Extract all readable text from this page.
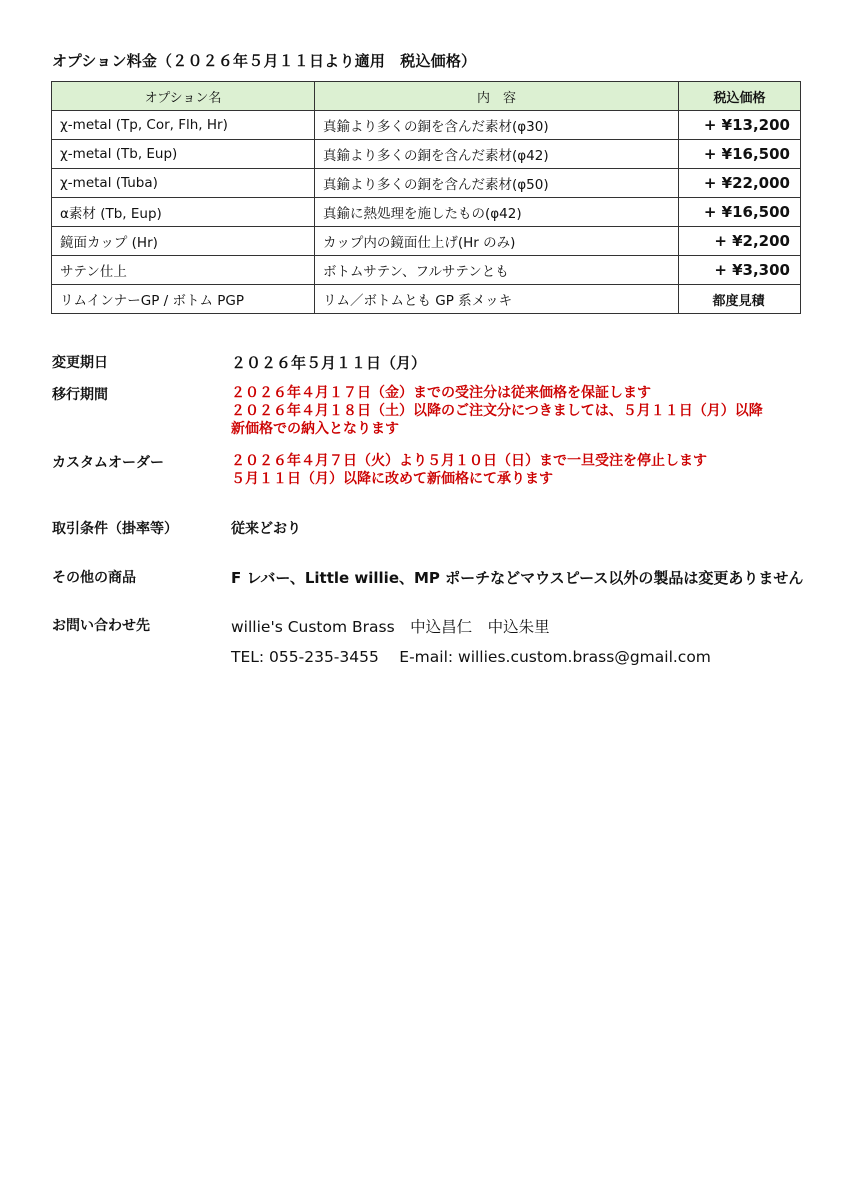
オプション料金（２０２６年５月１１日より適用　税込価格）
オプション名	内　容	税込価格
χ-metal (Tp, Cor, Flh, Hr)	真鍮より多くの銅を含んだ素材(φ30)	+ ¥13,200
χ-metal (Tb, Eup)	真鍮より多くの銅を含んだ素材(φ42)	+ ¥16,500
χ-metal (Tuba)	真鍮より多くの銅を含んだ素材(φ50)	+ ¥22,000
α素材 (Tb, Eup)	真鍮に熱処理を施したもの(φ42)	+ ¥16,500
鏡面カップ (Hr)	カップ内の鏡面仕上げ(Hr のみ)	+ ¥2,200
サテン仕上	ボトムサテン、フルサテンとも	+ ¥3,300
リムインナーGP / ボトム PGP	リム／ボトムとも GP 系メッキ	都度見積
変更期日	２０２６年５月１１日（月）
移行期間	２０２６年４月１７日（金）までの受注分は従来価格を保証します
２０２６年４月１８日（土）以降のご注文分につきましては、５月１１日（月）以降
新価格での納入となります
カスタムオーダー	２０２６年４月７日（火）より５月１０日（日）まで一旦受注を停止します
５月１１日（月）以降に改めて新価格にて承ります
取引条件（掛率等）	従来どおり
その他の商品	F レバー、Little willie、MP ポーチなどマウスピース以外の製品は変更ありません
お問い合わせ先	willie's Custom Brass　中込昌仁　中込朱里
TEL: 055-235-3455　 E-mail: willies.custom.brass@gmail.com
